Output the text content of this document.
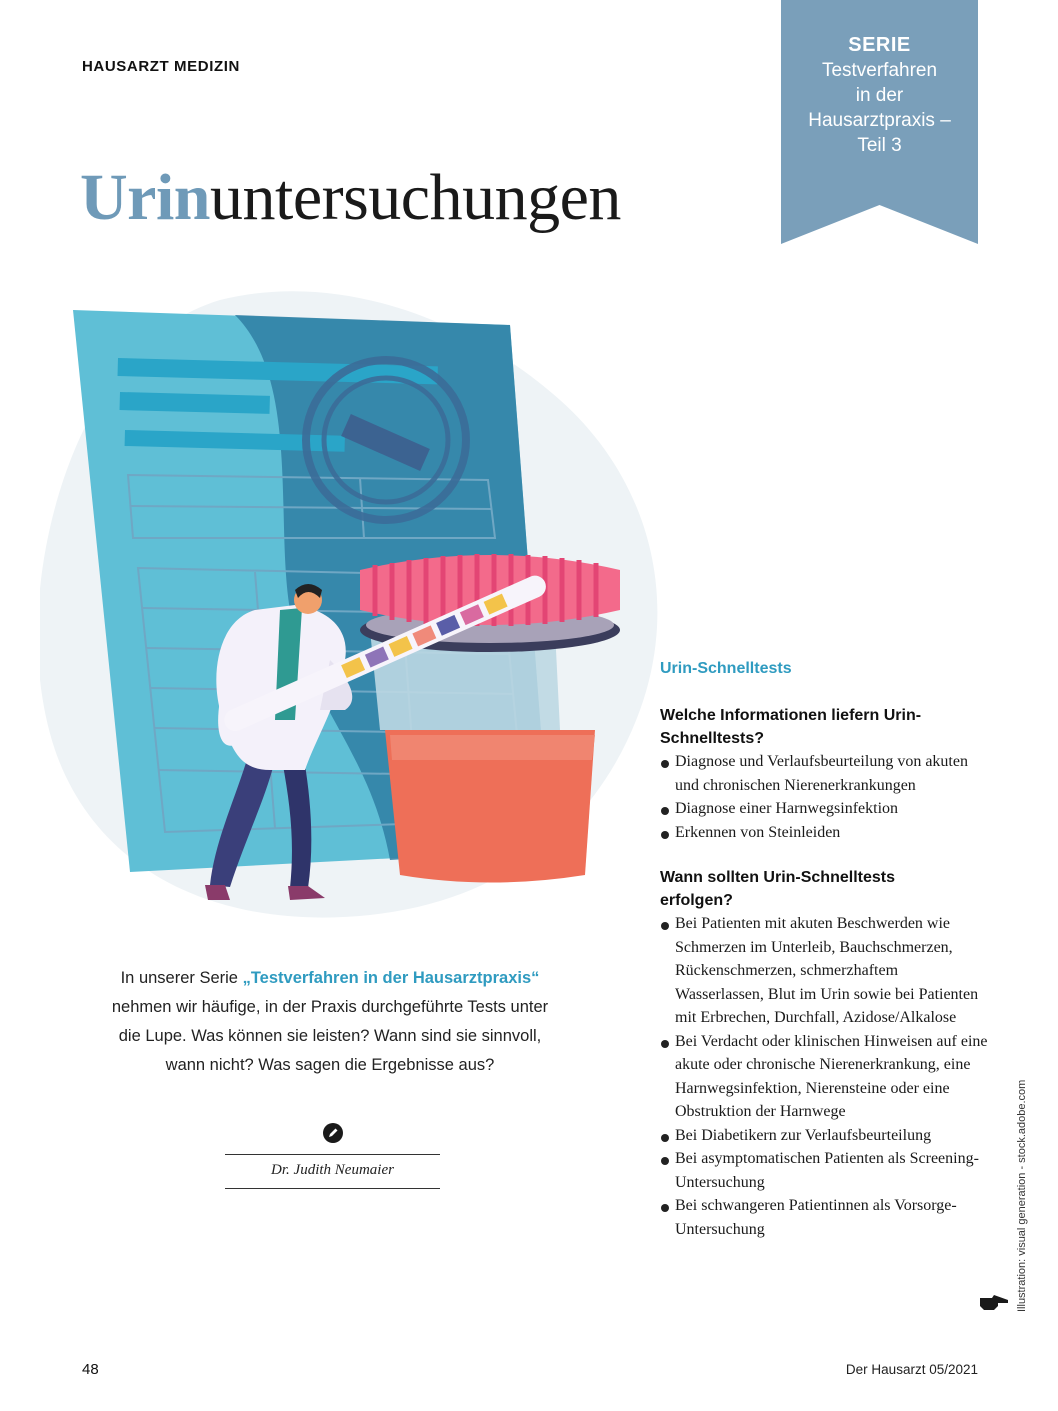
HAUSARZT MEDIZIN
SERIE
Testverfahren
in der
Hausarztpraxis –
Teil 3
Urinuntersuchungen
In unserer Serie „Testverfahren in der Hausarztpraxis“ nehmen wir häufige, in der Praxis durchgeführte Tests unter die Lupe. Was können sie leisten? Wann sind sie sinnvoll, wann nicht? Was sagen die Ergebnisse aus?
Dr. Judith Neumaier
Urin-Schnelltests
Welche Informationen liefern Urin-Schnelltests?
Diagnose und Verlaufsbeurteilung von akuten und chronischen Nierenerkrankungen
Diagnose einer Harnwegsinfektion
Erkennen von Steinleiden
Wann sollten Urin-Schnelltests erfolgen?
Bei Patienten mit akuten Beschwerden wie Schmerzen im Unterleib, Bauchschmerzen, Rückenschmerzen, schmerzhaftem Wasserlassen, Blut im Urin sowie bei Patienten mit Erbrechen, Durchfall, Azidose/Alkalose
Bei Verdacht oder klinischen Hinweisen auf eine akute oder chronische Nierenerkrankung, eine Harnwegsinfektion, Nierensteine oder eine Obstruktion der Harnwege
Bei Diabetikern zur Verlaufsbeurteilung
Bei asymptomatischen Patienten als Screening-Untersuchung
Bei schwangeren Patientinnen als Vorsorge-Untersuchung	Illustration: visual generation - stock.adobe.com
48	Der Hausarzt 05/2021
